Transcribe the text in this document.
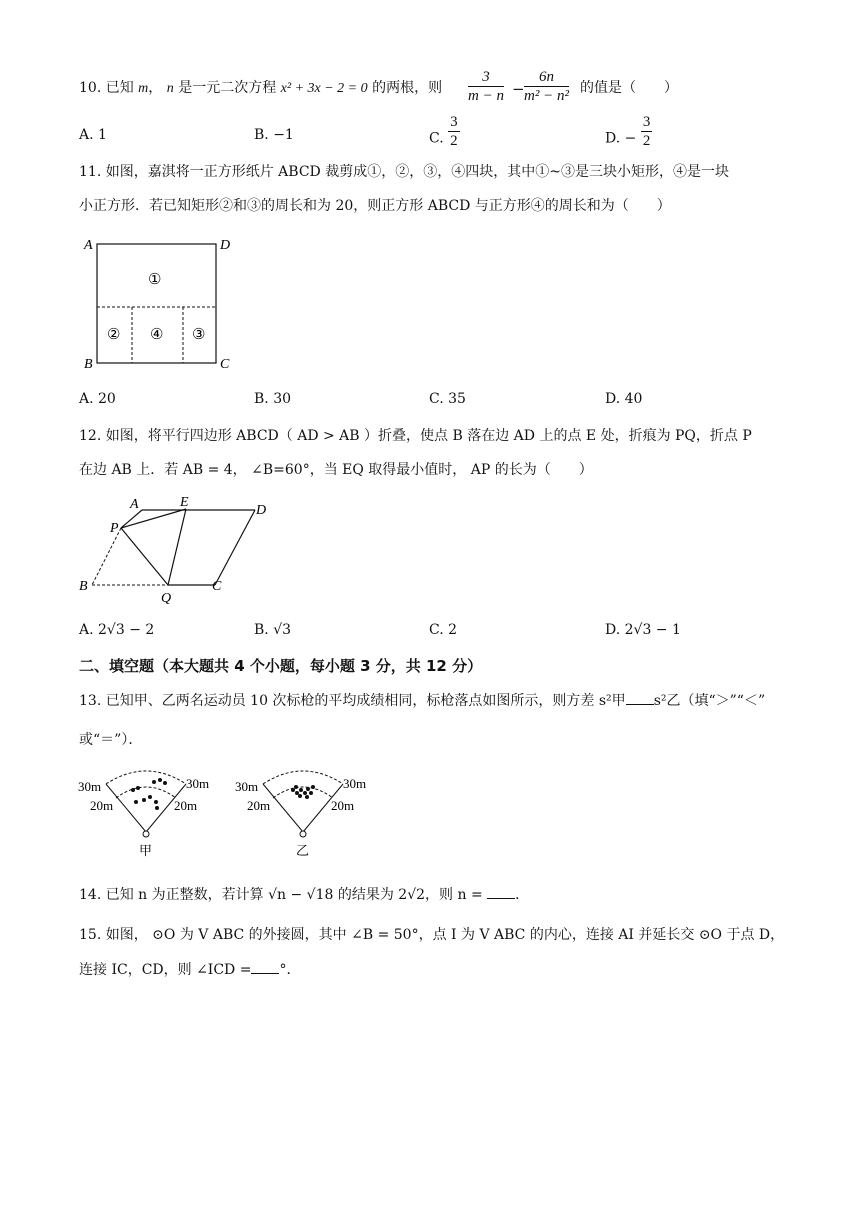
10. 已知 m， n 是一元二次方程 x² + 3x − 2 = 0 的两根，则 $\frac{3}{m - n} - \frac{6n}{\text{m² − n²}}$ 的值是（　　）
A. 1	B. −1	C. $\frac{3}{2}$	D. − $\frac{3}{2}$
11. 如图，嘉淇将一正方形纸片 ABCD 裁剪成①，②，③，④四块，其中①~③是三块小矩形，④是一块
小正方形．若已知矩形②和③的周长和为 20，则正方形 ABCD 与正方形④的周长和为（　　）
A	D
B	C
①
② ④ ③
A. 20	B. 30	C. 35	D. 40
12. 如图，将平行四边形 ABCD（ AD > AB ）折叠，使点 B 落在边 AD 上的点 E 处，折痕为 PQ，折点 P
在边 AB 上．若 AB = 4， ∠B=60°，当 EQ 取得最小值时， AP 的长为（　　）
A	E
D
P
B
Q
C
A. 2√3 − 2	B. √3	C. 2	D. 2√3 − 1
二、填空题（本大题共 4 个小题，每小题 3 分，共 12 分）
13. 已知甲、乙两名运动员 10 次标枪的平均成绩相同，标枪落点如图所示，则方差 s²甲 s²乙（填“＞”“＜”
或“＝”）．
30m	30m
20m	20m
甲
30m	30m
20m	20m
乙
14. 已知 n 为正整数，若计算 √n − √18 的结果为 2√2，则 n = ．
15. 如图， ⊙O 为 V ABC 的外接圆，其中 ∠B = 50°，点 I 为 V ABC 的内心，连接 AI 并延长交 ⊙O 于点 D，
连接 IC，CD，则 ∠ICD = °．
